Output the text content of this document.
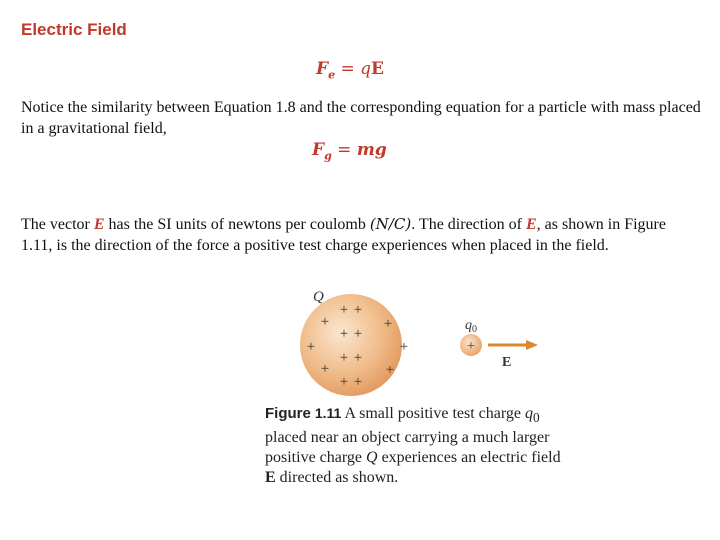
Electric Field
$F_e$ = qE

Notice the similarity between Equation 1.8 and the corresponding equation for a particle with mass placed in a gravitational field,

$F_g$ = mg

The vector E has the SI units of newtons per coulomb (N/C). The direction of E, as shown in Figure 1.11, is the direction of the force a positive test charge experiences when placed in the field.

Q
+ +
+	+
+ +
+	+
+ +
+	+
+ +
$q_0$
+
E

Figure 1.11 A small positive test charge $q_0$ placed near an object carrying a much larger positive charge Q experiences an electric field E directed as shown.
